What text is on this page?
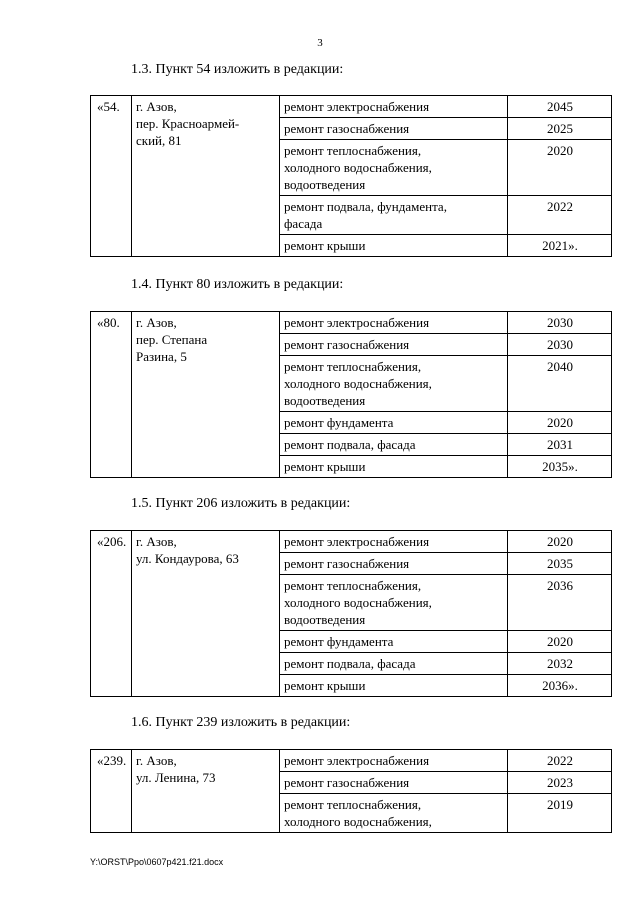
3
1.3. Пункт 54 изложить в редакции:
«54.	г. Азов,
пер. Красноармей-
ский, 81	ремонт электроснабжения	2045
		ремонт газоснабжения	2025
		ремонт теплоснабжения,
холодного водоснабжения,
водоотведения	2020
		ремонт подвала, фундамента,
фасада	2022
		ремонт крыши	2021».
1.4. Пункт 80 изложить в редакции:
«80.	г. Азов,
пер. Степана
Разина, 5	ремонт электроснабжения	2030
		ремонт газоснабжения	2030
		ремонт теплоснабжения,
холодного водоснабжения,
водоотведения	2040
		ремонт фундамента	2020
		ремонт подвала, фасада	2031
		ремонт крыши	2035».
1.5. Пункт 206 изложить в редакции:
«206.	г. Азов,
ул. Кондаурова, 63	ремонт электроснабжения	2020
		ремонт газоснабжения	2035
		ремонт теплоснабжения,
холодного водоснабжения,
водоотведения	2036
		ремонт фундамента	2020
		ремонт подвала, фасада	2032
		ремонт крыши	2036».
1.6. Пункт 239 изложить в редакции:
«239.	г. Азов,
ул. Ленина, 73	ремонт электроснабжения	2022
		ремонт газоснабжения	2023
		ремонт теплоснабжения,
холодного водоснабжения,	2019
Y:\ORST\Ppo\0607p421.f21.docx
